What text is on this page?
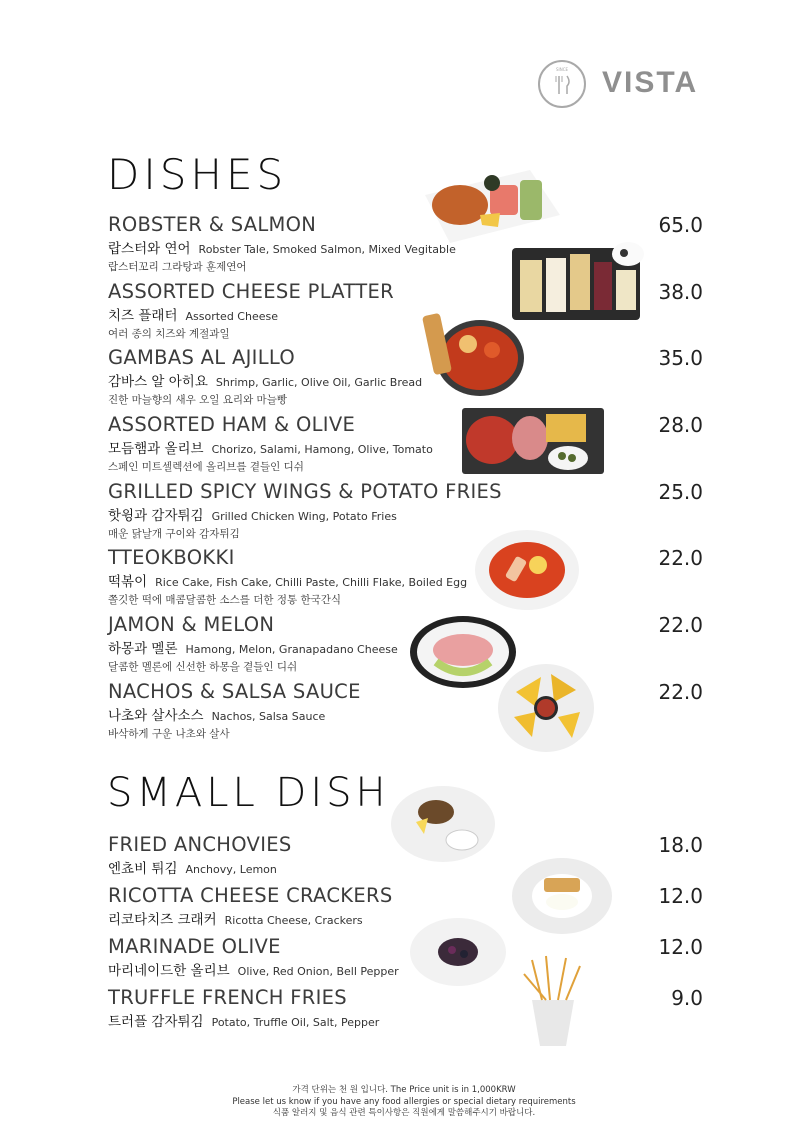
SINCE VISTA
DISHES
ROBSTER & SALMON	65.0
랍스터와 연어 Robster Tale, Smoked Salmon, Mixed Vegitable
랍스터꼬리 그라탕과 훈제연어
ASSORTED CHEESE PLATTER	38.0
치즈 플래터 Assorted Cheese
여러 종의 치즈와 계절과일
GAMBAS AL AJILLO	35.0
감바스 알 아히요 Shrimp, Garlic, Olive Oil, Garlic Bread
진한 마늘향의 새우 오일 요리와 마늘빵
ASSORTED HAM & OLIVE	28.0
모듬햄과 올리브 Chorizo, Salami, Hamong, Olive, Tomato
스페인 미트셀렉션에 올리브를 곁들인 디쉬
GRILLED SPICY WINGS & POTATO FRIES	25.0
핫윙과 감자튀김 Grilled Chicken Wing, Potato Fries
매운 닭날개 구이와 감자튀김
TTEOKBOKKI	22.0
떡볶이 Rice Cake, Fish Cake, Chilli Paste, Chilli Flake, Boiled Egg
쫄깃한 떡에 매콤달콤한 소스를 더한 정통 한국간식
JAMON & MELON	22.0
하몽과 멜론 Hamong, Melon, Granapadano Cheese
달콤한 멜론에 신선한 하몽을 곁들인 디쉬
NACHOS & SALSA SAUCE	22.0
나초와 살사소스 Nachos, Salsa Sauce
바삭하게 구운 나초와 살사
SMALL DISH
FRIED ANCHOVIES	18.0
엔쵸비 튀김 Anchovy, Lemon
RICOTTA CHEESE CRACKERS	12.0
리코타치즈 크래커 Ricotta Cheese, Crackers
MARINADE OLIVE	12.0
마리네이드한 올리브 Olive, Red Onion, Bell Pepper
TRUFFLE FRENCH FRIES	9.0
트러플 감자튀김 Potato, Truffle Oil, Salt, Pepper
가격 단위는 천 원 입니다. The Price unit is in 1,000KRW
Please let us know if you have any food allergies or special dietary requirements
식품 알러지 및 음식 관련 특이사항은 직원에게 말씀해주시기 바랍니다.
